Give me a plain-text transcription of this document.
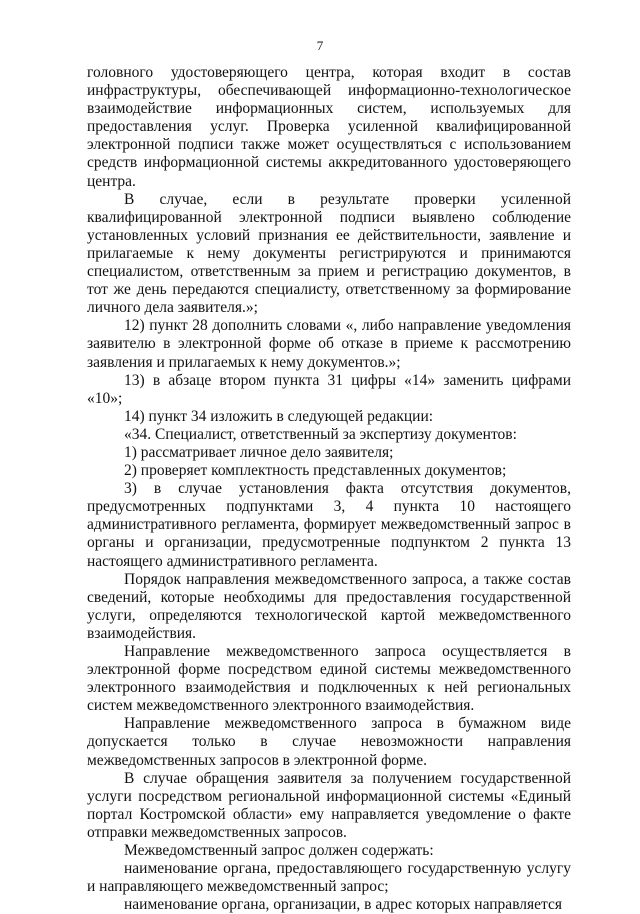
7

головного удостоверяющего центра, которая входит в состав инфраструктуры, обеспечивающей информационно-технологическое взаимодействие информационных систем, используемых для предоставления услуг. Проверка усиленной квалифицированной электронной подписи также может осуществляться с использованием средств информационной системы аккредитованного удостоверяющего центра.

В случае, если в результате проверки усиленной квалифицированной электронной подписи выявлено соблюдение установленных условий признания ее действительности, заявление и прилагаемые к нему документы регистрируются и принимаются специалистом, ответственным за прием и регистрацию документов, в тот же день передаются специалисту, ответственному за формирование личного дела заявителя.»;

12) пункт 28 дополнить словами «, либо направление уведомления заявителю в электронной форме об отказе в приеме к рассмотрению заявления и прилагаемых к нему документов.»;

13) в абзаце втором пункта 31 цифры «14» заменить цифрами «10»;

14) пункт 34 изложить в следующей редакции:

«34. Специалист, ответственный за экспертизу документов:

1) рассматривает личное дело заявителя;

2) проверяет комплектность представленных документов;

3) в случае установления факта отсутствия документов, предусмотренных подпунктами 3, 4 пункта 10 настоящего административного регламента, формирует межведомственный запрос в органы и организации, предусмотренные подпунктом 2 пункта 13 настоящего административного регламента.

Порядок направления межведомственного запроса, а также состав сведений, которые необходимы для предоставления государственной услуги, определяются технологической картой межведомственного взаимодействия.

Направление межведомственного запроса осуществляется в электронной форме посредством единой системы межведомственного электронного взаимодействия и подключенных к ней региональных систем межведомственного электронного взаимодействия.

Направление межведомственного запроса в бумажном виде допускается только в случае невозможности направления межведомственных запросов в электронной форме.

В случае обращения заявителя за получением государственной услуги посредством региональной информационной системы «Единый портал Костромской области» ему направляется уведомление о факте отправки межведомственных запросов.

Межведомственный запрос должен содержать:

наименование органа, предоставляющего государственную услугу и направляющего межведомственный запрос;

наименование органа, организации, в адрес которых направляется
